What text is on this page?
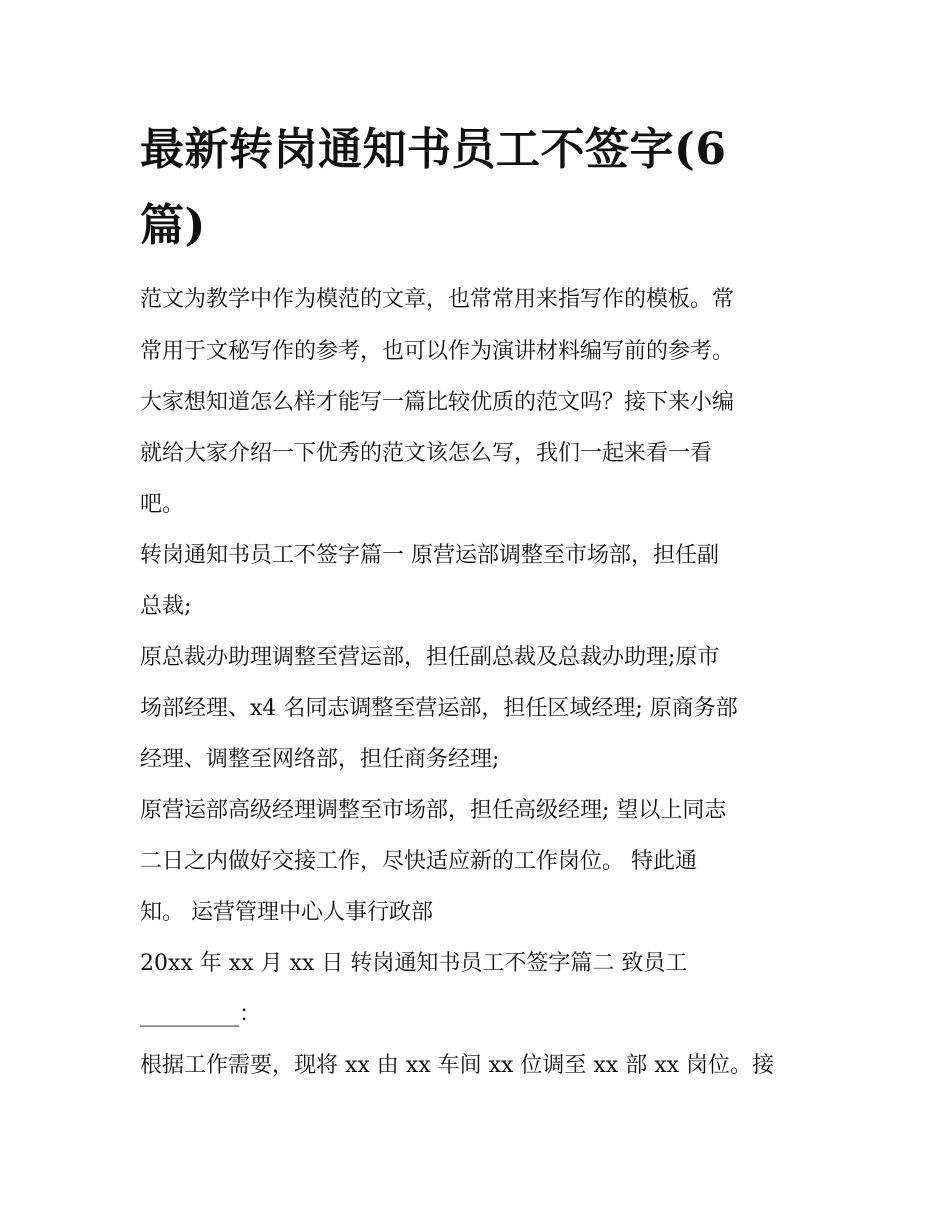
最新转岗通知书员工不签字(6
篇)
范文为教学中作为模范的文章，也常常用来指写作的模板。常
常用于文秘写作的参考，也可以作为演讲材料编写前的参考。
大家想知道怎么样才能写一篇比较优质的范文吗？接下来小编
就给大家介绍一下优秀的范文该怎么写，我们一起来看一看
吧。
转岗通知书员工不签字篇一 原营运部调整至市场部，担任副
总裁;
原总裁办助理调整至营运部，担任副总裁及总裁办助理;原市
场部经理、x4 名同志调整至营运部，担任区域经理; 原商务部
经理、调整至网络部，担任商务经理;
原营运部高级经理调整至市场部，担任高级经理; 望以上同志
二日之内做好交接工作，尽快适应新的工作岗位。 特此通
知。 运营管理中心人事行政部
20xx 年 xx 月 xx 日 转岗通知书员工不签字篇二 致员工
_________：
根据工作需要，现将 xx 由 xx 车间 xx 位调至 xx 部 xx 岗位。接
